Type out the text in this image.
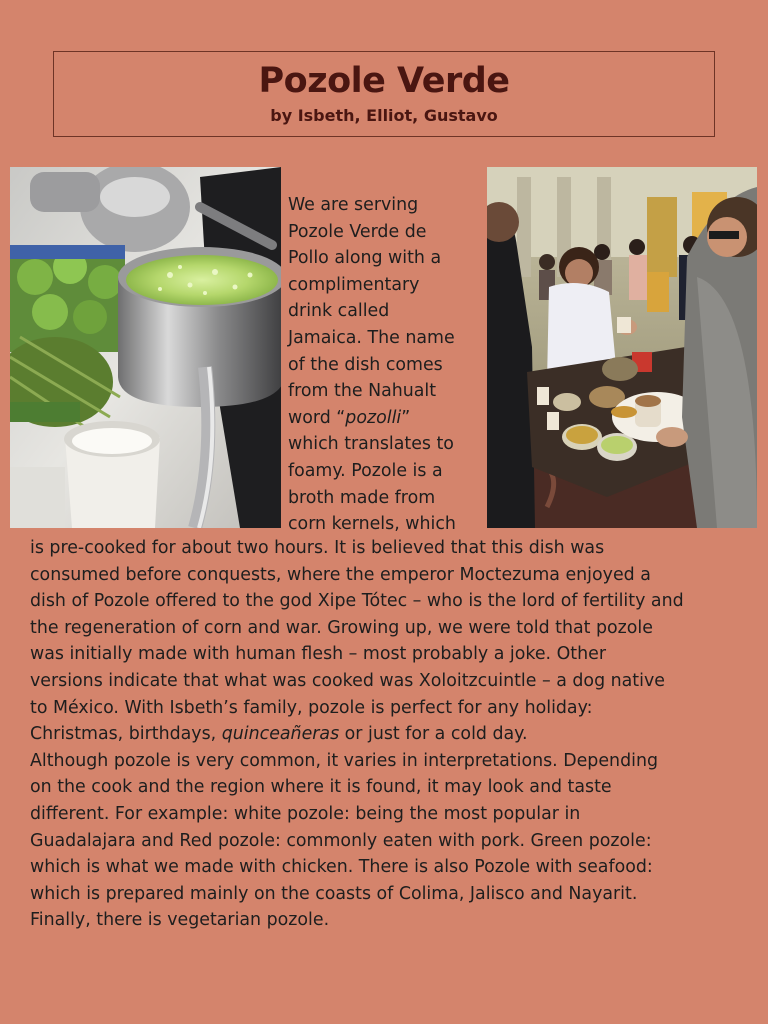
Pozole Verde

by Isbeth, Elliot, Gustavo

We are serving
Pozole Verde de
Pollo along with a
complimentary
drink called
Jamaica. The name
of the dish comes
from the Nahualt
word “pozolli”
which translates to
foamy. Pozole is a
broth made from
corn kernels, which
is pre-cooked for about two hours. It is believed that this dish was
consumed before conquests, where the emperor Moctezuma enjoyed a
dish of Pozole offered to the god Xipe Tótec – who is the lord of fertility and
the regeneration of corn and war. Growing up, we were told that pozole
was initially made with human flesh – most probably a joke. Other
versions indicate that what was cooked was Xoloitzcuintle – a dog native
to México. With Isbeth’s family, pozole is perfect for any holiday:
Christmas, birthdays, quinceañeras or just for a cold day.
Although pozole is very common, it varies in interpretations. Depending
on the cook and the region where it is found, it may look and taste
different. For example: white pozole: being the most popular in
Guadalajara and Red pozole: commonly eaten with pork. Green pozole:
which is what we made with chicken. There is also Pozole with seafood:
which is prepared mainly on the coasts of Colima, Jalisco and Nayarit.
Finally, there is vegetarian pozole.
